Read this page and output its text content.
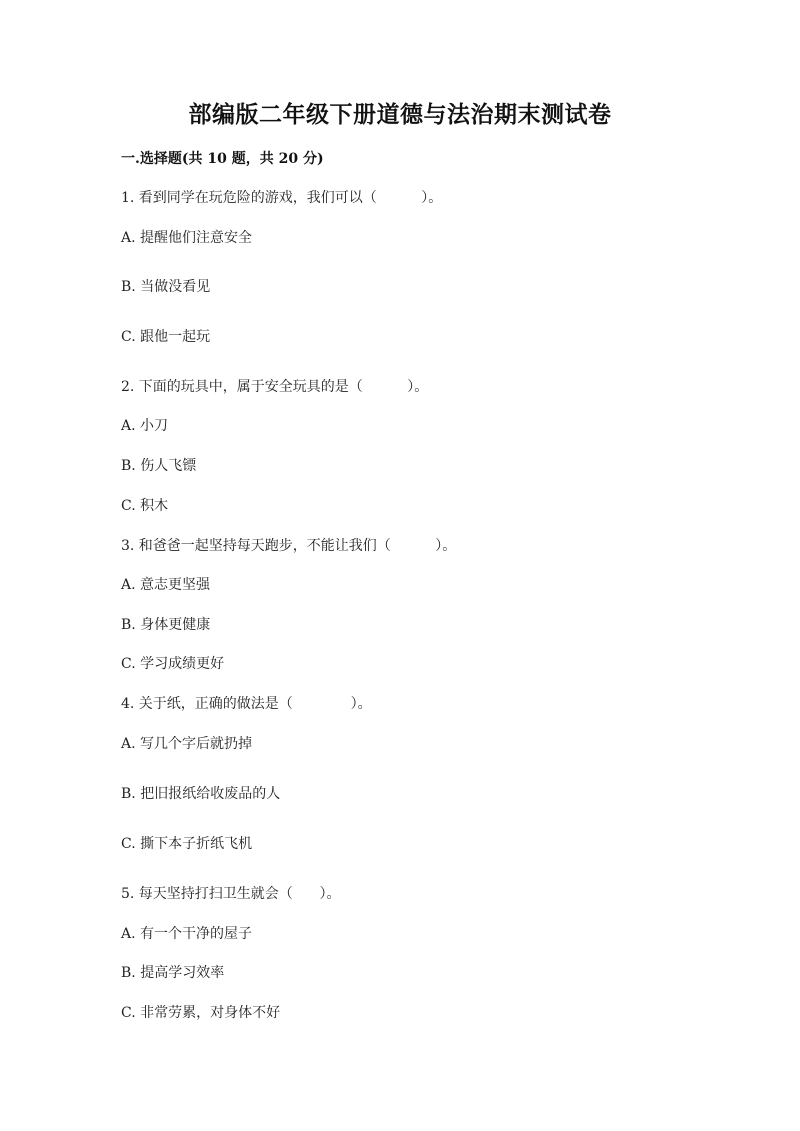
部编版二年级下册道德与法治期末测试卷
一.选择题(共 10 题，共 20 分)
1. 看到同学在玩危险的游戏，我们可以（          ）。
A. 提醒他们注意安全
B. 当做没看见
C. 跟他一起玩
2. 下面的玩具中，属于安全玩具的是（          ）。
A. 小刀
B. 伤人飞镖
C. 积木
3. 和爸爸一起坚持每天跑步，不能让我们（          ）。
A. 意志更坚强
B. 身体更健康
C. 学习成绩更好
4. 关于纸，正确的做法是（             ）。
A. 写几个字后就扔掉
B. 把旧报纸给收废品的人
C. 撕下本子折纸飞机
5. 每天坚持打扫卫生就会（      ）。
A. 有一个干净的屋子
B. 提高学习效率
C. 非常劳累，对身体不好
